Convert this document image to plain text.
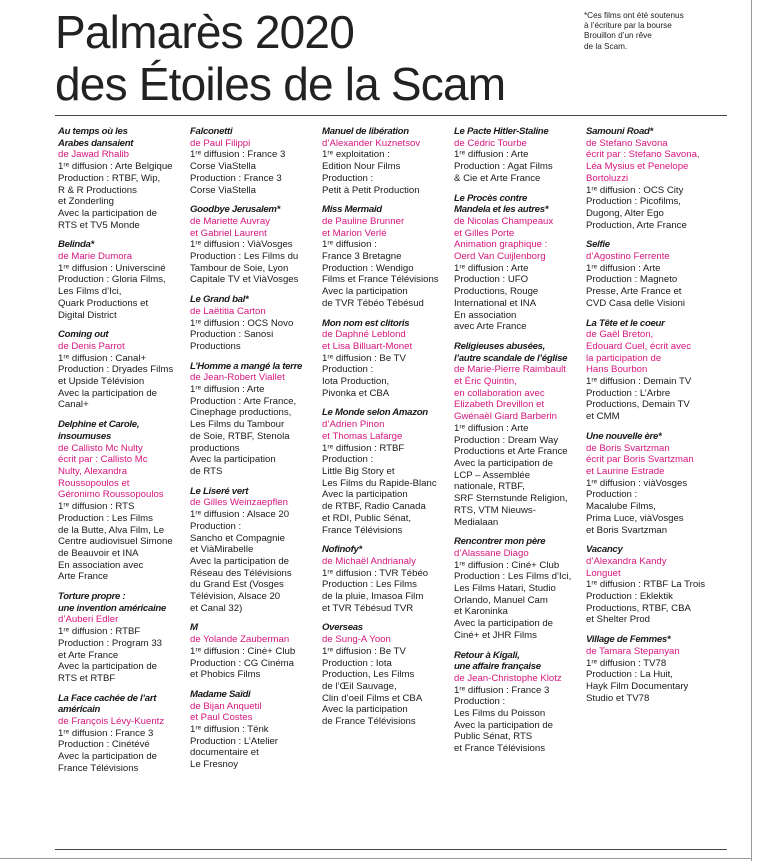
Palmarès 2020
des Étoiles de la Scam
*Ces films ont été soutenus
à l’écriture par la bourse
Brouillon d’un rêve
de la Scam.
Au temps où les
Arabes dansaient
de Jawad Rhalib
1ʳᵉ diffusion : Arte Belgique
Production : RTBF, Wip,
R & R Productions
et Zonderling
Avec la participation de
RTS et TV5 Monde
Belinda*
de Marie Dumora
1ʳᵉ diffusion : Universciné
Production : Gloria Films,
Les Films d’Ici,
Quark Productions et
Digital District
Coming out
de Denis Parrot
1ʳᵉ diffusion : Canal+
Production : Dryades Films
et Upside Télévision
Avec la participation de
Canal+
Delphine et Carole,
insoumuses
de Callisto Mc Nulty
écrit par : Callisto Mc
Nulty, Alexandra
Roussopoulos et
Géronimo Roussopoulos
1ʳᵉ diffusion : RTS
Production : Les Films
de la Butte, Alva Film, Le
Centre audiovisuel Simone
de Beauvoir et INA
En association avec
Arte France
Torture propre :
une invention américaine
d’Auberi Edler
1ʳᵉ diffusion : RTBF
Production : Program 33
et Arte France
Avec la participation de
RTS et RTBF
La Face cachée de l’art
américain
de François Lévy-Kuentz
1ʳᵉ diffusion : France 3
Production : Cinétévé
Avec la participation de
France Télévisions
Falconetti
de Paul Filippi
1ʳᵉ diffusion : France 3
Corse ViaStella
Production : France 3
Corse ViaStella
Goodbye Jerusalem*
de Mariette Auvray
et Gabriel Laurent
1ʳᵉ diffusion : ViàVosges
Production : Les Films du
Tambour de Soie, Lyon
Capitale TV et ViàVosges
Le Grand bal*
de Laëtitia Carton
1ʳᵉ diffusion : OCS Novo
Production : Sanosi
Productions
L’Homme a mangé la terre
de Jean-Robert Viallet
1ʳᵉ diffusion : Arte
Production : Arte France,
Cinephage productions,
Les Films du Tambour
de Soie, RTBF, Stenola
productions
Avec la participation
de RTS
Le Liseré vert
de Gilles Weinzaepflen
1ʳᵉ diffusion : Alsace 20
Production :
Sancho et Compagnie
et ViàMirabelle
Avec la participation de
Réseau des Télévisions
du Grand Est (Vosges
Télévision, Alsace 20
et Canal 32)
M
de Yolande Zauberman
1ʳᵉ diffusion : Cinė+ Club
Production : CG Cinéma
et Phobics Films
Madame Saïdi
de Bijan Anquetil
et Paul Costes
1ʳᵉ diffusion : Tënk
Production : L’Atelier
documentaire et
Le Fresnoy
Manuel de libération
d’Alexander Kuznetsov
1ʳᵉ exploitation :
Edition Nour Films
Production :
Petit à Petit Production
Miss Mermaid
de Pauline Brunner
et Marion Verlé
1ʳᵉ diffusion :
France 3 Bretagne
Production : Wendigo
Films et France Télévisions
Avec la participation
de TVR Tébéo Tébésud
Mon nom est clitoris
de Daphné Leblond
et Lisa Billuart-Monet
1ʳᵉ diffusion : Be TV
Production :
Iota Production,
Pivonka et CBA
Le Monde selon Amazon
d’Adrien Pinon
et Thomas Lafarge
1ʳᵉ diffusion : RTBF
Production :
Little Big Story et
Les Films du Rapide-Blanc
Avec la participation
de RTBF, Radio Canada
et RDI, Public Sénat,
France Télévisions
Nofinofy*
de Michaël Andrianaly
1ʳᵉ diffusion : TVR Tébéo
Production : Les Films
de la pluie, Imasoa Film
et TVR Tébésud TVR
Overseas
de Sung-A Yoon
1ʳᵉ diffusion : Be TV
Production : Iota
Production, Les Films
de l’Œil Sauvage,
Clin d’oeil Films et CBA
Avec la participation
de France Télévisions
Le Pacte Hitler-Staline
de Cédric Tourbe
1ʳᵉ diffusion : Arte
Production : Agat Films
& Cie et Arte France
Le Procès contre
Mandela et les autres*
de Nicolas Champeaux
et Gilles Porte
Animation graphique :
Oerd Van Cuijlenborg
1ʳᵉ diffusion : Arte
Production : UFO
Productions, Rouge
International et INA
En association
avec Arte France
Religieuses abusées,
l’autre scandale de l’église
de Marie-Pierre Raimbault
et Éric Quintin,
en collaboration avec
Elizabeth Drevillon et
Gwénaël Giard Barberin
1ʳᵉ diffusion : Arte
Production : Dream Way
Productions et Arte France
Avec la participation de
LCP – Assemblée
nationale, RTBF,
SRF Sternstunde Religion,
RTS, VTM Nieuws-
Medialaan
Rencontrer mon père
d’Alassane Diago
1ʳᵉ diffusion : Ciné+ Club
Production : Les Films d’Ici,
Les Films Hatari, Studio
Orlando, Manuel Cam
et Karoninka
Avec la participation de
Ciné+ et JHR Films
Retour à Kigali,
une affaire française
de Jean-Christophe Klotz
1ʳᵉ diffusion : France 3
Production :
Les Films du Poisson
Avec la participation de
Public Sénat, RTS
et France Télévisions
Samouni Road*
de Stefano Savona
écrit par : Stefano Savona,
Léa Mysius et Penelope
Bortoluzzi
1ʳᵉ diffusion : OCS City
Production : Picofilms,
Dugong, Alter Ego
Production, Arte France
Selfie
d’Agostino Ferrente
1ʳᵉ diffusion : Arte
Production : Magneto
Presse, Arte France et
CVD Casa delle Visioni
La Tête et le coeur
de Gaël Breton,
Edouard Cuel, écrit avec
la participation de
Hans Bourbon
1ʳᵉ diffusion : Demain TV
Production : L’Arbre
Productions, Demain TV
et CMM
Une nouvelle ère*
de Boris Svartzman
écrit par Boris Svartzman
et Laurine Estrade
1ʳᵉ diffusion : viàVosges
Production :
Macalube Films,
Prima Luce, viàVosges
et Boris Svartzman
Vacancy
d’Alexandra Kandy
Longuet
1ʳᵉ diffusion : RTBF La Trois
Production : Eklektik
Productions, RTBF, CBA
et Shelter Prod
Village de Femmes*
de Tamara Stepanyan
1ʳᵉ diffusion : TV78
Production : La Huit,
Hayk Film Documentary
Studio et TV78
